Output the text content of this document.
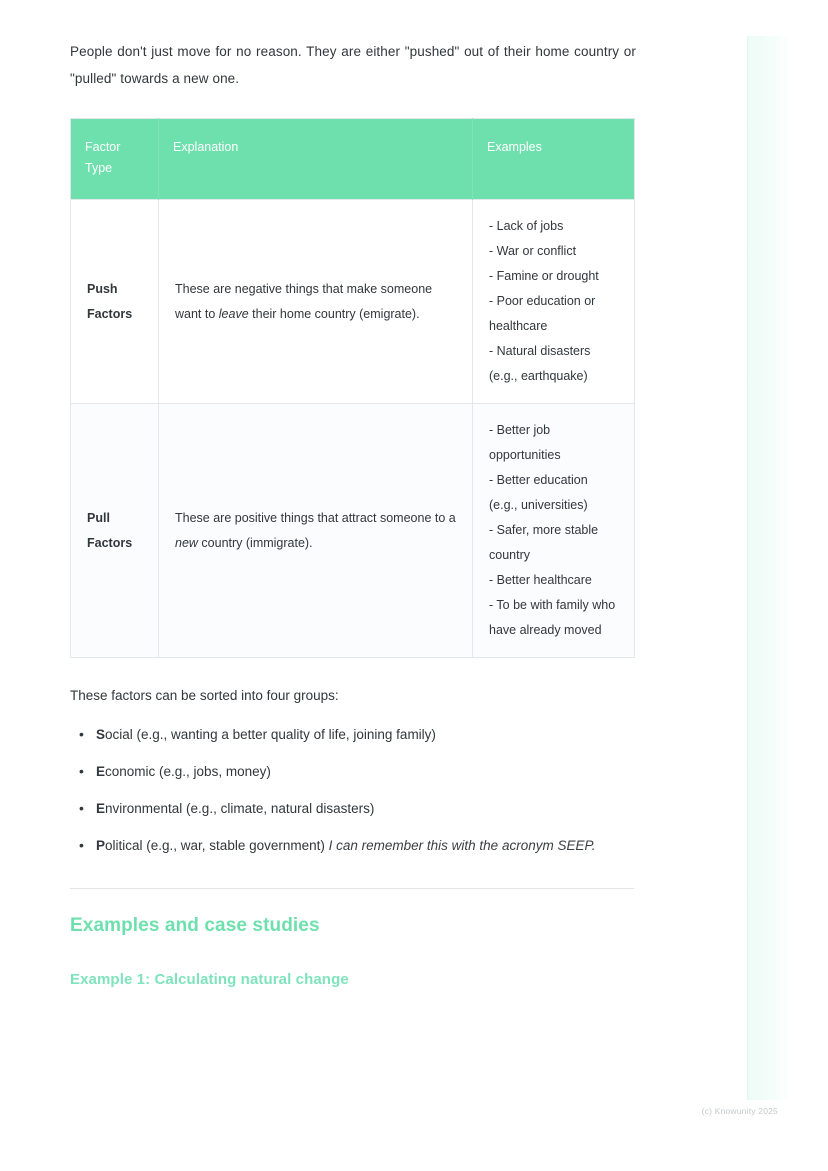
People don't just move for no reason. They are either "pushed" out of their home country or "pulled" towards a new one.

Factor Type	Explanation	Examples
Push Factors	These are negative things that make someone want to leave their home country (emigrate).	- Lack of jobs
- War or conflict
- Famine or drought
- Poor education or healthcare
- Natural disasters (e.g., earthquake)

Pull Factors	These are positive things that attract someone to a new country (immigrate).	- Better job opportunities
- Better education (e.g., universities)
- Safer, more stable country
- Better healthcare
- To be with family who have already moved

These factors can be sorted into four groups:

• Social (e.g., wanting a better quality of life, joining family)
• Economic (e.g., jobs, money)
• Environmental (e.g., climate, natural disasters)
• Political (e.g., war, stable government) I can remember this with the acronym SEEP.
Examples and case studies
Example 1: Calculating natural change
(c) Knowunity 2025
